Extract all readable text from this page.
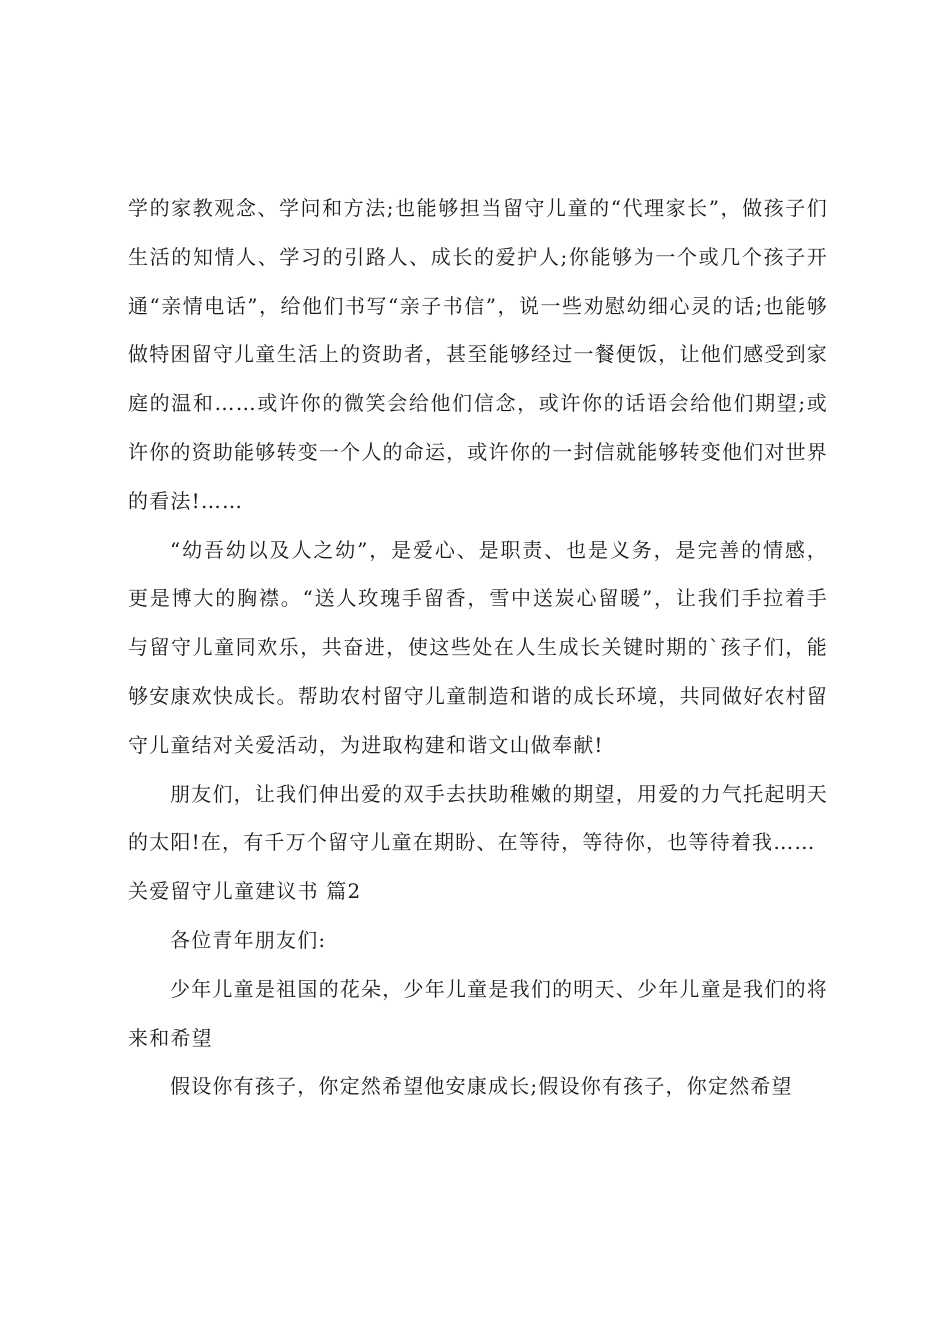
学的家教观念、学问和方法;也能够担当留守儿童的“代理家长”，做孩子们生活的知情人、学习的引路人、成长的爱护人;你能够为一个或几个孩子开通“亲情电话”，给他们书写“亲子书信”，说一些劝慰幼细心灵的话;也能够做特困留守儿童生活上的资助者，甚至能够经过一餐便饭，让他们感受到家庭的温和……或许你的微笑会给他们信念，或许你的话语会给他们期望;或许你的资助能够转变一个人的命运，或许你的一封信就能够转变他们对世界的看法!……

“幼吾幼以及人之幼”，是爱心、是职责、也是义务，是完善的情感，更是博大的胸襟。“送人玫瑰手留香，雪中送炭心留暖”，让我们手拉着手与留守儿童同欢乐，共奋进，使这些处在人生成长关键时期的`孩子们，能够安康欢快成长。帮助农村留守儿童制造和谐的成长环境，共同做好农村留守儿童结对关爱活动，为进取构建和谐文山做奉献!

朋友们，让我们伸出爱的双手去扶助稚嫩的期望，用爱的力气托起明天的太阳!在，有千万个留守儿童在期盼、在等待，等待你，也等待着我……

关爱留守儿童建议书 篇2

各位青年朋友们:

少年儿童是祖国的花朵，少年儿童是我们的明天、少年儿童是我们的将来和希望

假设你有孩子，你定然希望他安康成长;假设你有孩子，你定然希望
